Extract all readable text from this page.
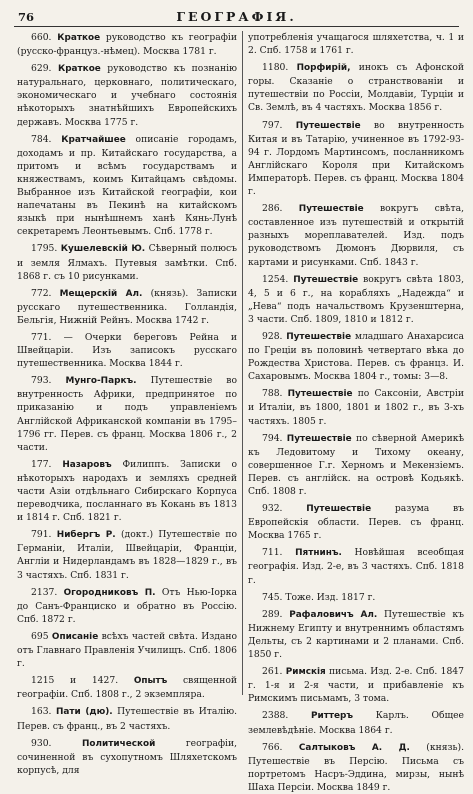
76	ГЕОГРАФІЯ.

660. Краткое руководство къ географіи (русско-француз.-нѣмец). Москва 1781 г.

629. Краткое руководство къ познанію натуральнаго, церковнаго, политическаго, экономическаго и учебнаго состоянія нѣкоторыхъ знатнѣйшихъ Европейскихъ державъ. Москва 1775 г.

784. Кратчайшее описаніе городамъ, доходамъ и пр. Китайскаго государства, а притомъ и всѣмъ государствамъ и княжествамъ, коимъ Китайцамъ свѣдомы. Выбранное изъ Китайской географіи, кои напечатаны въ Пекинѣ на китайскомъ языкѣ при нынѣшнемъ ханѣ Кянь-Лунѣ секретаремъ Леонтьевымъ. Спб. 1778 г.

1795. Кушелевскій Ю. Сѣверный полюсъ и земля Ялмахъ. Путевыя замѣтки. Спб. 1868 г. съ 10 рисунками.

772. Мещерскій Ал. (князь). Записки русскаго путешественника. Голландія, Бельгія, Нижній Рейнъ. Москва 1742 г.

771. — Очерки береговъ Рейна и Швейцаріи. Изъ записокъ русскаго путешественника. Москва 1844 г.

793. Мунго-Паркъ. Путешествіе во внутренность Африки, предпринятое по приказанію и подъ управленіемъ Англійской Африканской компаніи въ 1795–1796 гг. Перев. съ франц. Москва 1806 г., 2 части.

177. Назаровъ Филиппъ. Записки о нѣкоторыхъ народахъ и земляхъ средней части Азіи отдѣльнаго Сибирскаго Корпуса переводчика, посланнаго въ Кокань въ 1813 и 1814 г. Спб. 1821 г.

791. Нибергъ Р. (докт.) Путешествіе по Германіи, Италіи, Швейцаріи, Франціи, Англіи и Нидерландамъ въ 1828—1829 г., въ 3 частяхъ. Спб. 1831 г.

2137. Огородниковъ П. Отъ Нью-Іорка до Санъ-Франциско и обратно въ Россію. Спб. 1872 г.

695 Описаніе всѣхъ частей свѣта. Издано отъ Главнаго Правленія Училищъ. Спб. 1806 г.

1215 и 1427. Опытъ священной географіи. Спб. 1808 г., 2 экземпляра.

163. Пати (дю). Путешествіе въ Италію. Перев. съ франц., въ 2 частяхъ.

930.	Политической	географіи, сочиненной въ сухопутномъ Шляхетскомъ корпусѣ, для

употребленія учащагося шляхетства, ч. 1 и 2. Спб. 1758 и 1761 г.

1180. Порфирій, инокъ съ Афонской горы. Сказаніе о странствованіи и путешествіи по Россіи, Молдавіи, Турціи и Св. Землѣ, въ 4 частяхъ. Москва 1856 г.

797. Путешествіе во внутренность Китая и въ Татарію, учиненное въ 1792-93-94 г. Лордомъ Мартинсомъ, посланникомъ Англійскаго Короля при Китайскомъ Императорѣ. Перев. съ франц. Москва 1804 г.

286. Путешествіе вокругъ свѣта, составленное изъ путешествій и открытій разныхъ мореплавателей. Изд. подъ руководствомъ Дюмонъ Дюрвиля, съ картами и рисунками. Спб. 1843 г.

1254. Путешествіе вокругъ свѣта 1803, 4, 5 и 6 г., на корабляхъ „Надежда“ и „Нева“ подъ начальствомъ Крузенштерна, 3 части. Спб. 1809, 1810 и 1812 г.

928. Путешествіе младшаго Анахарсиса по Греціи въ половинѣ четвертаго вѣка до Рождества Христова. Перев. съ францз. И. Сахаровымъ. Москва 1804 г., томы: 3—8.

788. Путешествіе по Саксоніи, Австріи и Италіи, въ 1800, 1801 и 1802 г., въ 3-хъ частяхъ. 1805 г.

794. Путешествіе по сѣверной Америкѣ къ Ледовитому и Тихому океану, совершенное Г.г. Херномъ и Мекензіемъ. Перев. съ англійск. на островѣ Кодьякѣ. Спб. 1808 г.

932.	Путешествіе	разума въ Европейскія области. Перев. съ франц. Москва 1765 г.

711. Пятнинъ. Новѣйшая всеобщая географія. Изд. 2-е, въ 3 частяхъ. Спб. 1818 г.

745. Тоже. Изд. 1817 г.

289. Рафаловичъ Ал. Путешествіе къ Нижнему Египту и внутреннимъ областямъ Дельты, съ 2 картинами и 2 планами. Спб. 1850 г.

261. Римскія письма. Изд. 2-е. Спб. 1847 г. 1-я и 2-я части, и прибавленіе къ Римскимъ письмамъ, 3 тома.

2388.	Риттеръ Карлъ. Общее землевѣдѣніе. Москва 1864 г.

766. Салтыковъ А. Д. (князь). Путешествіе въ Персію. Письма съ портретомъ Насръ-Эддина, мирзы, нынѣ Шаха Персіи. Москва 1849 г.
